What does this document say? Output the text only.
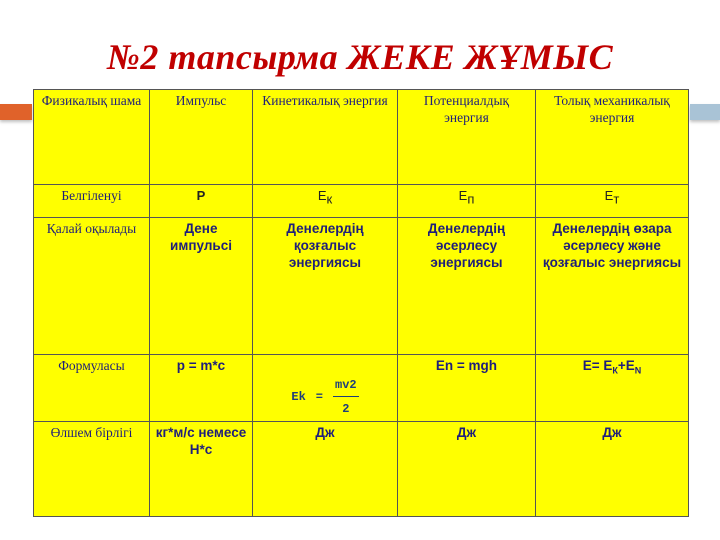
№2 тапсырма ЖЕКЕ ЖҰМЫС
Физикалық шама	Импульс	Кинетикалық энергия	Потенциалдық энергия	Толық механикалық энергия
Белгіленуі	Р	$Е_к$	$Е_п$	$Е_т$
Қалай оқылады	Дене импульсі	Денелердің қозғалыс энергиясы	Денелердің әсерлесу энергиясы	Денелердің өзара әсерлесу және қозғалыс энергиясы
Формуласы	р = m*c	$Ek = \frac{mv2}{2}$	Еn = mgh	$Е= Е_К+Е_N$
Өлшем бірлігі	кг*м/с немесе Н*с	Дж	Дж	Дж
